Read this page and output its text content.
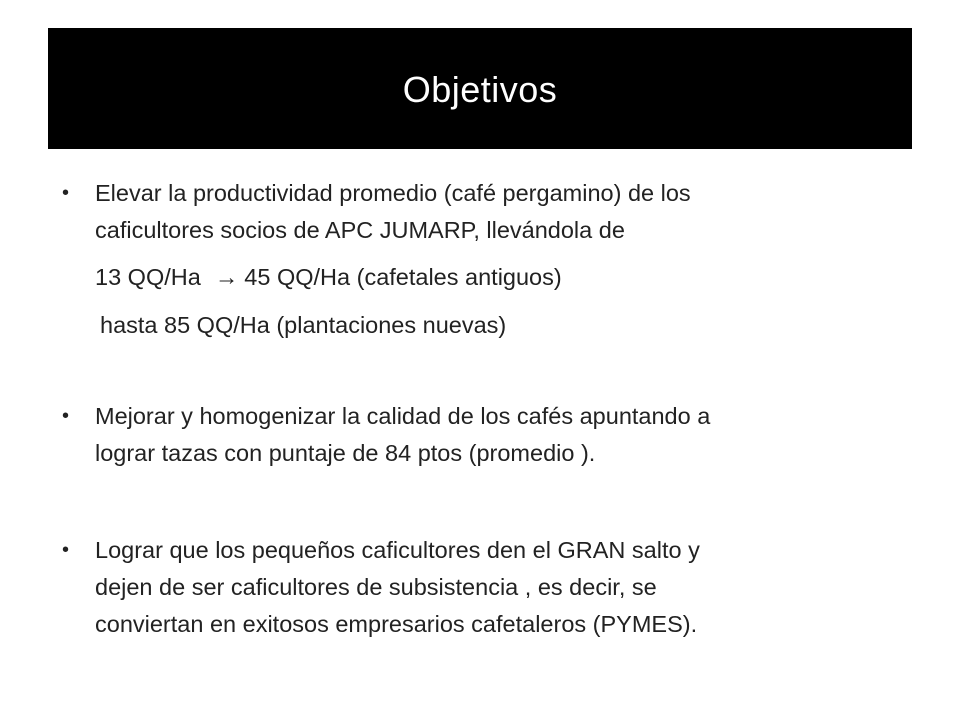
Objetivos
• Elevar la productividad promedio (café pergamino) de los
caficultores socios de APC JUMARP, llevándola de
13 QQ/Ha → 45 QQ/Ha (cafetales antiguos)
hasta 85 QQ/Ha (plantaciones nuevas)
• Mejorar y homogenizar la calidad de los cafés apuntando a
lograr tazas con puntaje de 84 ptos (promedio ).
• Lograr que los pequeños caficultores den el GRAN salto y
dejen de ser caficultores de subsistencia , es decir, se
conviertan en exitosos empresarios cafetaleros (PYMES).
